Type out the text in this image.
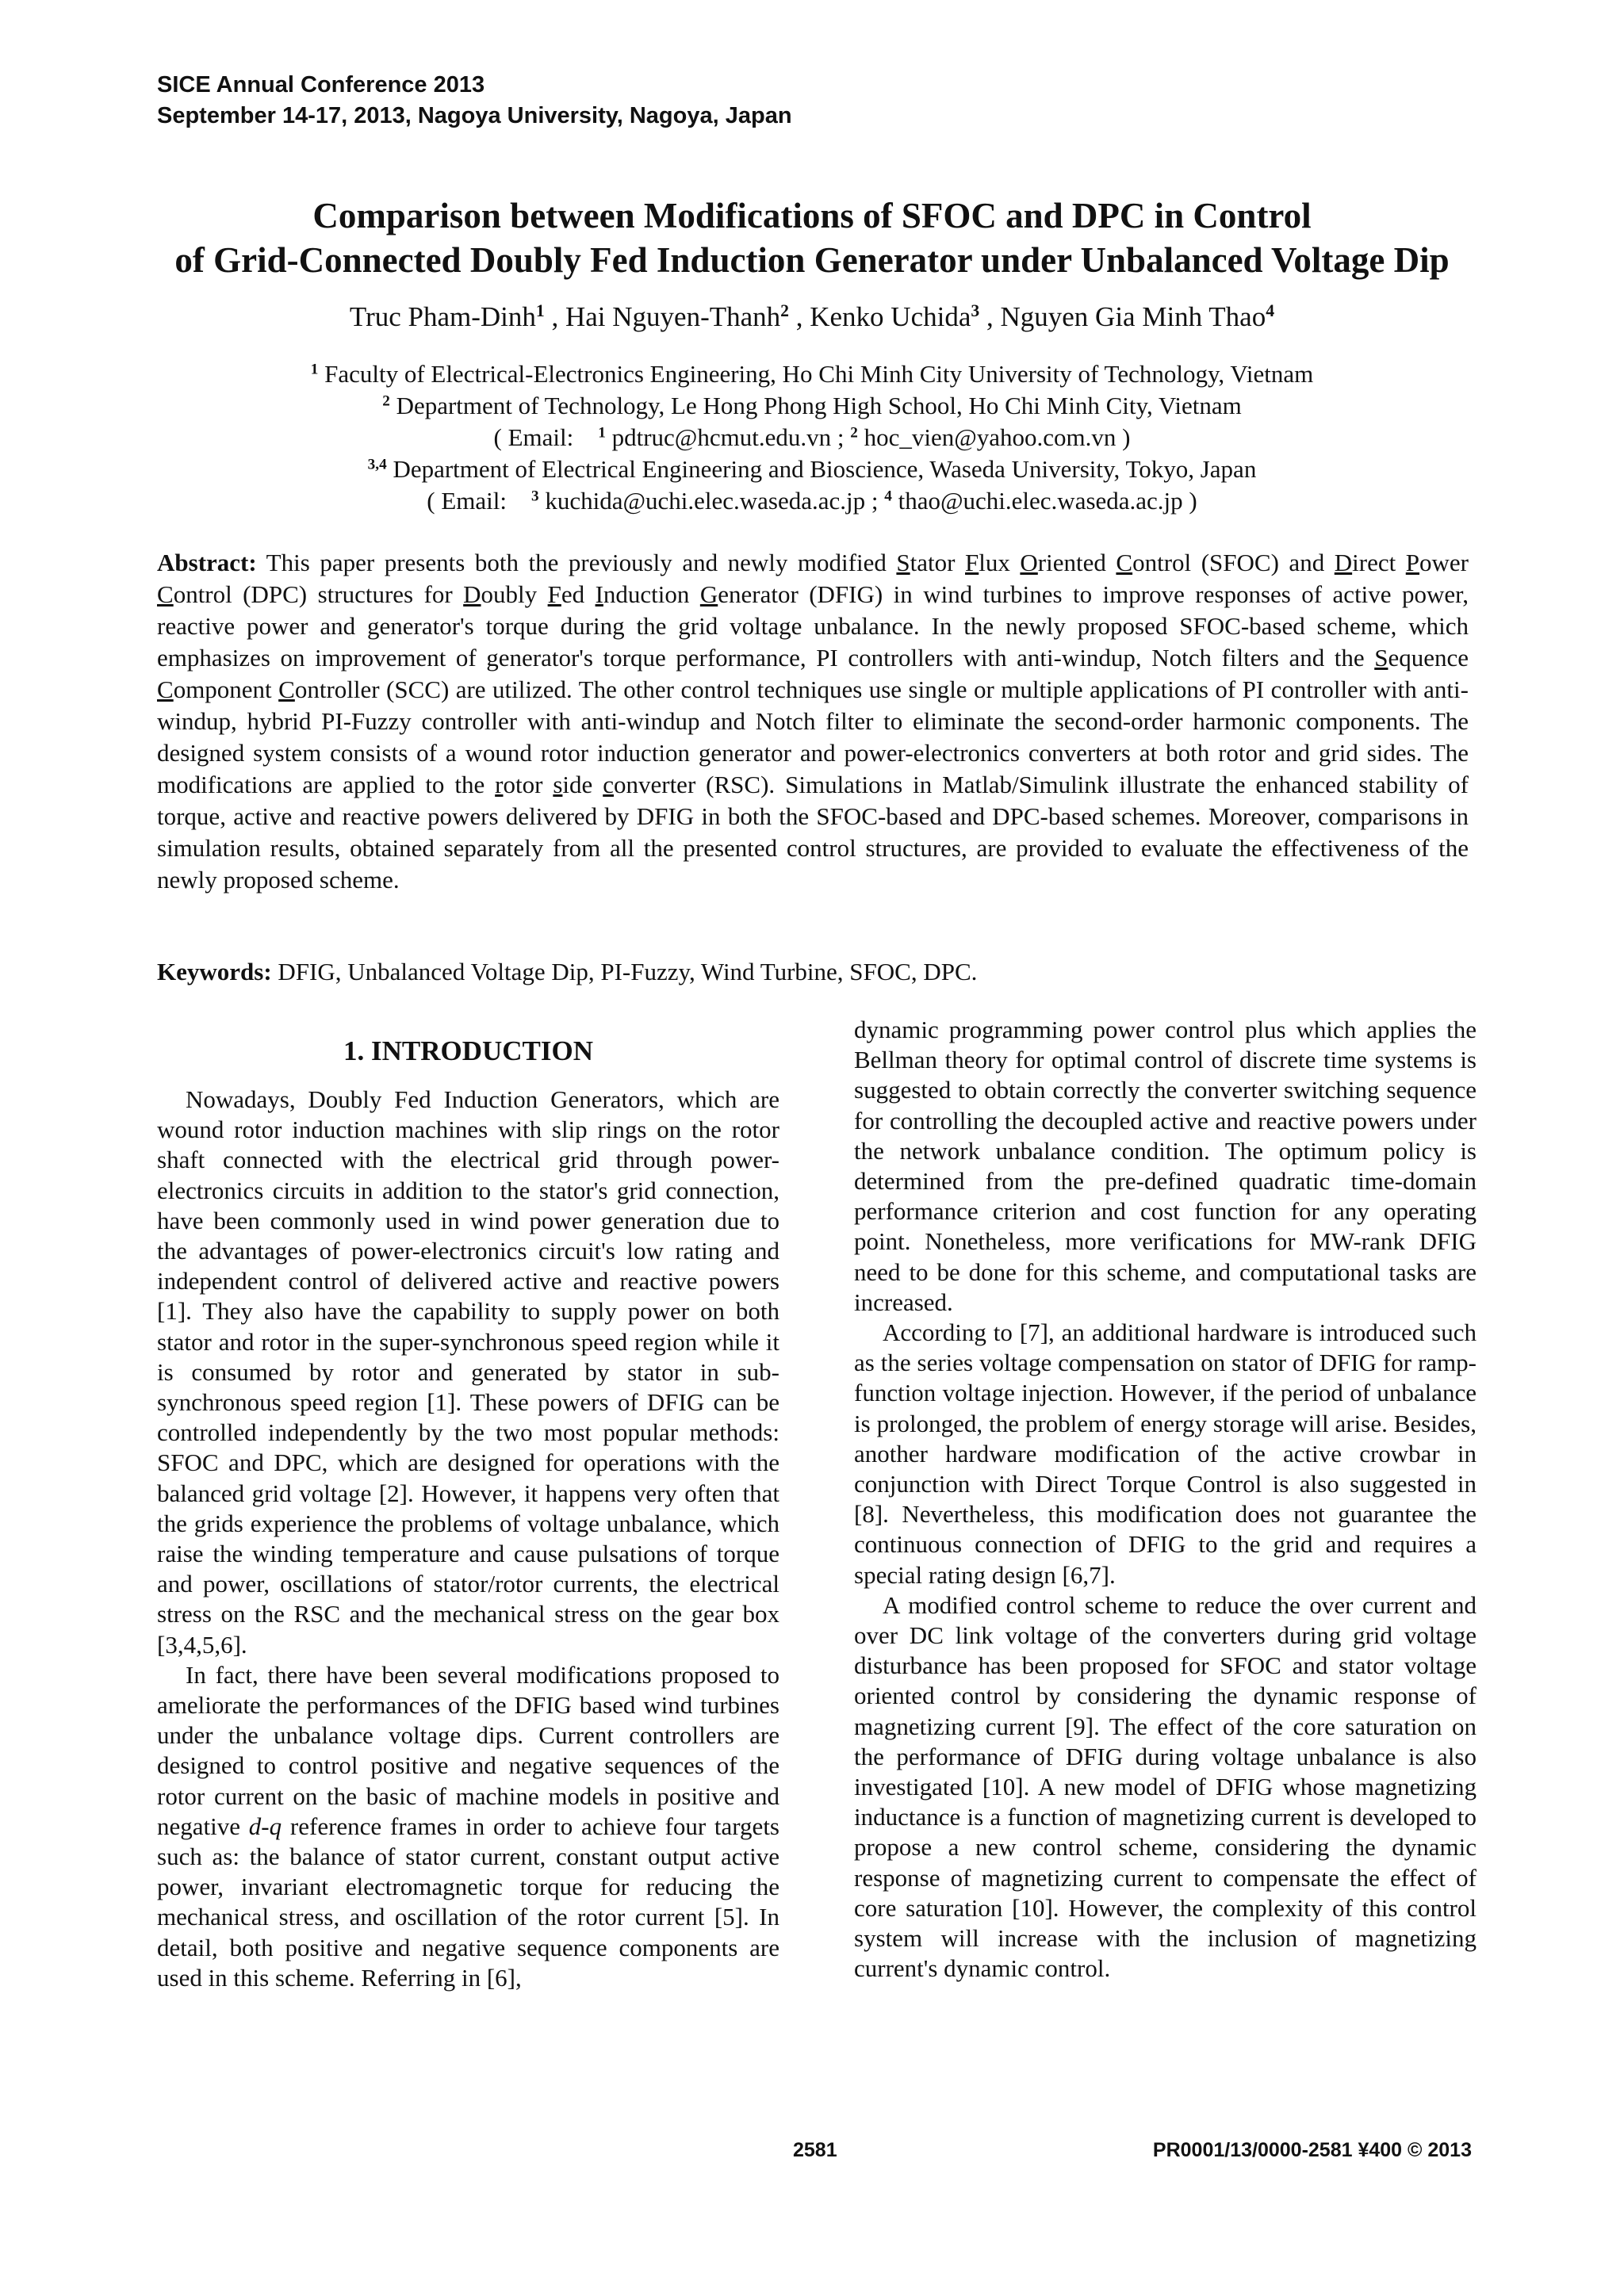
SICE Annual Conference 2013
September 14-17, 2013, Nagoya University, Nagoya, Japan
Comparison between Modifications of SFOC and DPC in Control
of Grid-Connected Doubly Fed Induction Generator under Unbalanced Voltage Dip
Truc Pham-Dinh$^1$ , Hai Nguyen-Thanh$^2$ , Kenko Uchida$^3$ , Nguyen Gia Minh Thao$^4$
$^1$ Faculty of Electrical-Electronics Engineering, Ho Chi Minh City University of Technology, Vietnam
$^2$ Department of Technology, Le Hong Phong High School, Ho Chi Minh City, Vietnam
( Email: $^1$ pdtruc@hcmut.edu.vn ; $^2$ hoc_vien@yahoo.com.vn )
$^{3,4}$ Department of Electrical Engineering and Bioscience, Waseda University, Tokyo, Japan
( Email: $^3$ kuchida@uchi.elec.waseda.ac.jp ; $^4$ thao@uchi.elec.waseda.ac.jp )
Abstract: This paper presents both the previously and newly modified Stator Flux Oriented Control (SFOC) and Direct Power Control (DPC) structures for Doubly Fed Induction Generator (DFIG) in wind turbines to improve responses of active power, reactive power and generator's torque during the grid voltage unbalance. In the newly proposed SFOC-based scheme, which emphasizes on improvement of generator's torque performance, PI controllers with anti-windup, Notch filters and the Sequence Component Controller (SCC) are utilized. The other control techniques use single or multiple applications of PI controller with anti-windup, hybrid PI-Fuzzy controller with anti-windup and Notch filter to eliminate the second-order harmonic components. The designed system consists of a wound rotor induction generator and power-electronics converters at both rotor and grid sides. The modifications are applied to the rotor side converter (RSC). Simulations in Matlab/Simulink illustrate the enhanced stability of torque, active and reactive powers delivered by DFIG in both the SFOC-based and DPC-based schemes. Moreover, comparisons in simulation results, obtained separately from all the presented control structures, are provided to evaluate the effectiveness of the newly proposed scheme.
Keywords: DFIG, Unbalanced Voltage Dip, PI-Fuzzy, Wind Turbine, SFOC, DPC.
1. INTRODUCTION

Nowadays, Doubly Fed Induction Generators, which are wound rotor induction machines with slip rings on the rotor shaft connected with the electrical grid through power-electronics circuits in addition to the stator's grid connection, have been commonly used in wind power generation due to the advantages of power-electronics circuit's low rating and independent control of delivered active and reactive powers [1]. They also have the capability to supply power on both stator and rotor in the super-synchronous speed region while it is consumed by rotor and generated by stator in sub-synchronous speed region [1]. These powers of DFIG can be controlled independently by the two most popular methods: SFOC and DPC, which are designed for operations with the balanced grid voltage [2]. However, it happens very often that the grids experience the problems of voltage unbalance, which raise the winding temperature and cause pulsations of torque and power, oscillations of stator/rotor currents, the electrical stress on the RSC and the mechanical stress on the gear box [3,4,5,6].

In fact, there have been several modifications proposed to ameliorate the performances of the DFIG based wind turbines under the unbalance voltage dips. Current controllers are designed to control positive and negative sequences of the rotor current on the basic of machine models in positive and negative d-q reference frames in order to achieve four targets such as: the balance of stator current, constant output active power, invariant electromagnetic torque for reducing the mechanical stress, and oscillation of the rotor current [5]. In detail, both positive and negative sequence components are used in this scheme. Referring in [6],

dynamic programming power control plus which applies the Bellman theory for optimal control of discrete time systems is suggested to obtain correctly the converter switching sequence for controlling the decoupled active and reactive powers under the network unbalance condition. The optimum policy is determined from the pre-defined quadratic time-domain performance criterion and cost function for any operating point. Nonetheless, more verifications for MW-rank DFIG need to be done for this scheme, and computational tasks are increased.

According to [7], an additional hardware is introduced such as the series voltage compensation on stator of DFIG for ramp-function voltage injection. However, if the period of unbalance is prolonged, the problem of energy storage will arise. Besides, another hardware modification of the active crowbar in conjunction with Direct Torque Control is also suggested in [8]. Nevertheless, this modification does not guarantee the continuous connection of DFIG to the grid and requires a special rating design [6,7].

A modified control scheme to reduce the over current and over DC link voltage of the converters during grid voltage disturbance has been proposed for SFOC and stator voltage oriented control by considering the dynamic response of magnetizing current [9]. The effect of the core saturation on the performance of DFIG during voltage unbalance is also investigated [10]. A new model of DFIG whose magnetizing inductance is a function of magnetizing current is developed to propose a new control scheme, considering the dynamic response of magnetizing current to compensate the effect of core saturation [10]. However, the complexity of this control system will increase with the inclusion of magnetizing current's dynamic control.

2581	PR0001/13/0000-2581 ¥400 © 2013
